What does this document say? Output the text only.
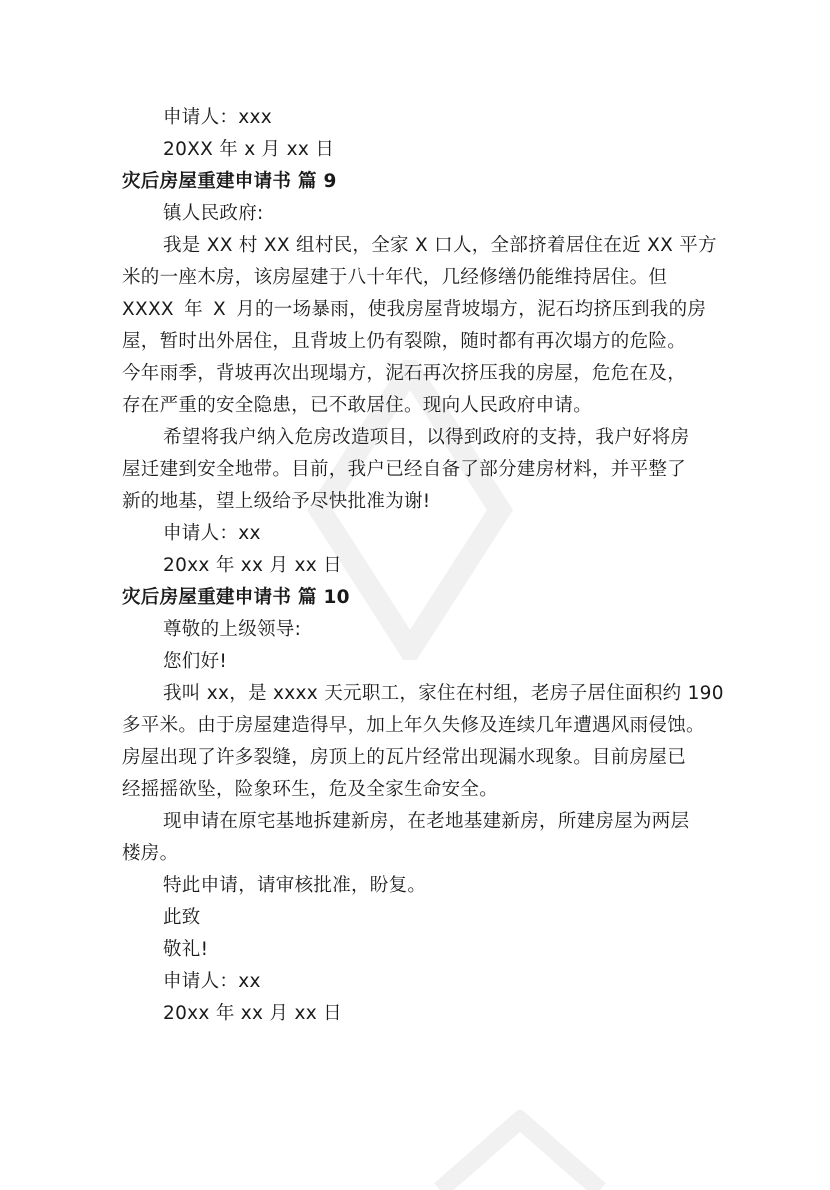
申请人：xxx
20XX 年 x 月 xx 日
灾后房屋重建申请书 篇 9
镇人民政府:
我是 XX 村 XX 组村民，全家 X 口人，全部挤着居住在近 XX 平方
米的一座木房，该房屋建于八十年代，几经修缮仍能维持居住。但
XXXX 年 X 月的一场暴雨，使我房屋背坡塌方，泥石均挤压到我的房
屋，暂时出外居住，且背坡上仍有裂隙，随时都有再次塌方的危险。
今年雨季，背坡再次出现塌方，泥石再次挤压我的房屋，危危在及，
存在严重的安全隐患，已不敢居住。现向人民政府申请。
希望将我户纳入危房改造项目，以得到政府的支持，我户好将房
屋迁建到安全地带。目前，我户已经自备了部分建房材料，并平整了
新的地基，望上级给予尽快批准为谢!
申请人：xx
20xx 年 xx 月 xx 日
灾后房屋重建申请书 篇 10
尊敬的上级领导:
您们好!
我叫 xx，是 xxxx 天元职工，家住在村组，老房子居住面积约 190
多平米。由于房屋建造得早，加上年久失修及连续几年遭遇风雨侵蚀。
房屋出现了许多裂缝，房顶上的瓦片经常出现漏水现象。目前房屋已
经摇摇欲坠，险象环生，危及全家生命安全。
现申请在原宅基地拆建新房，在老地基建新房，所建房屋为两层
楼房。
特此申请，请审核批准，盼复。
此致
敬礼!
申请人：xx
20xx 年 xx 月 xx 日
